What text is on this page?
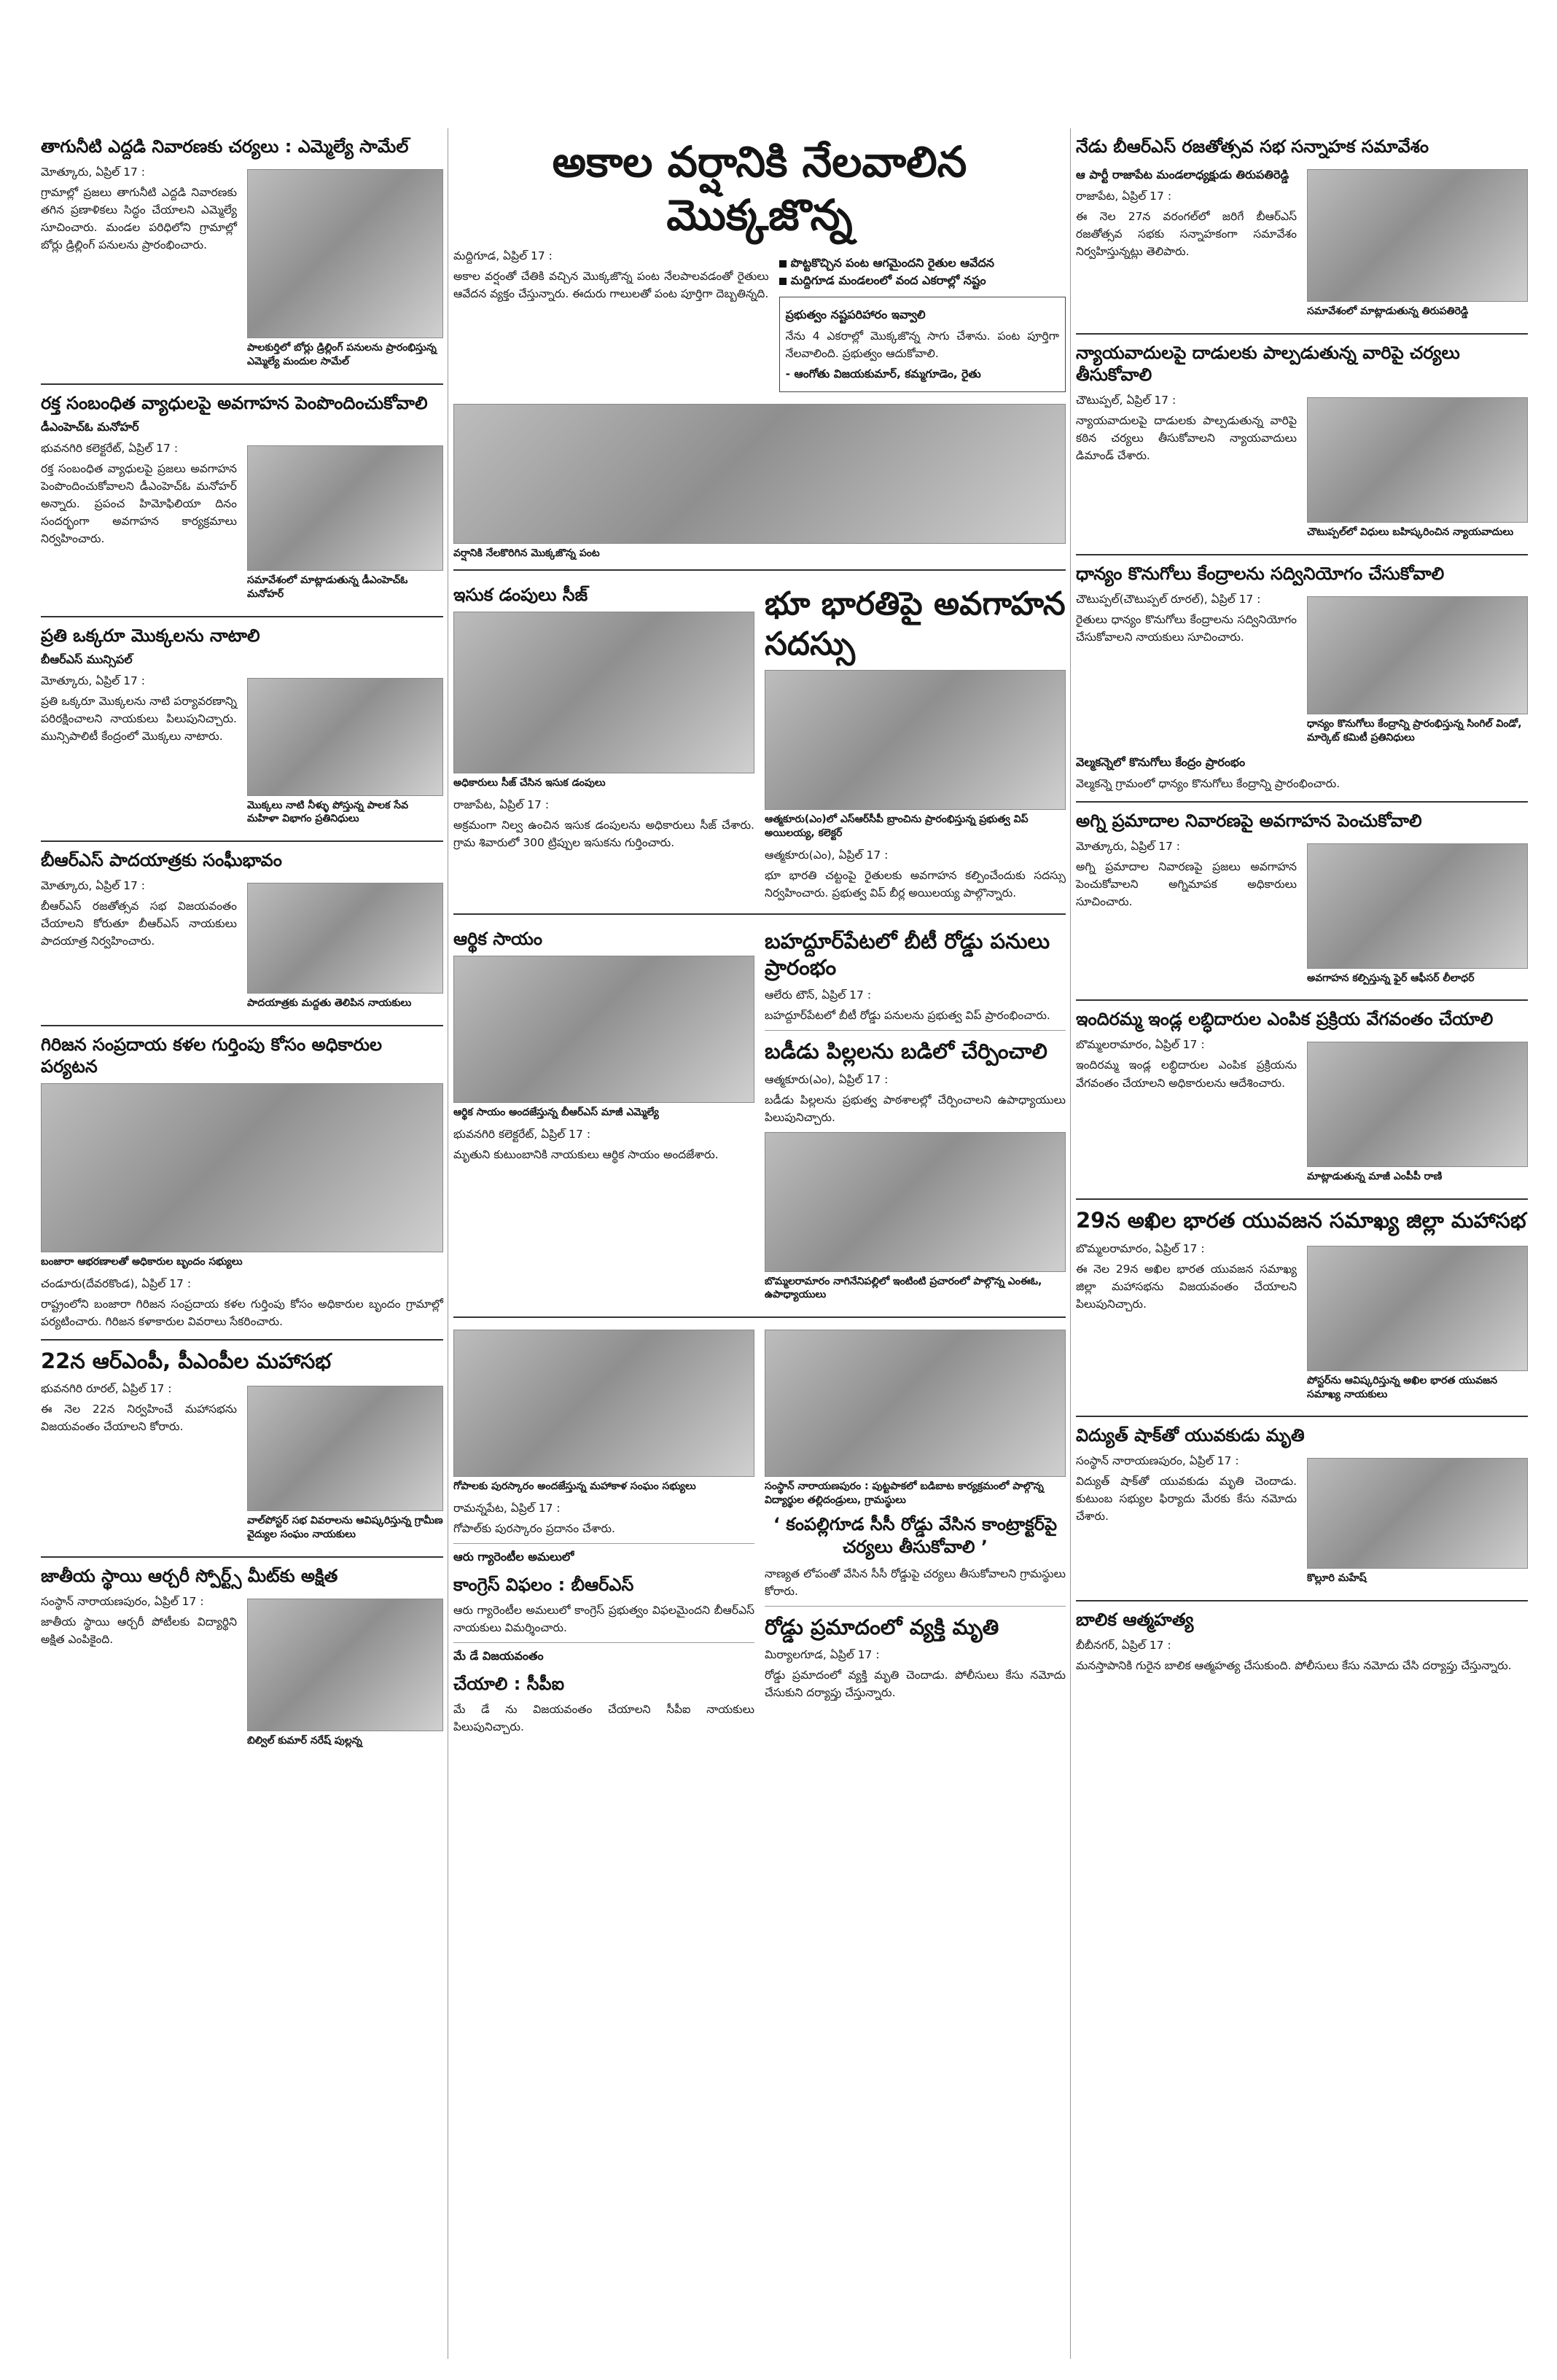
తాగునీటి ఎద్దడి నివారణకు చర్యలు : ఎమ్మెల్యే సామేల్

మోత్కూరు, ఏప్రిల్ 17 :

గ్రామాల్లో ప్రజలు తాగునీటి ఎద్దడి నివారణకు తగిన ప్రణాళికలు సిద్ధం చేయాలని ఎమ్మెల్యే సూచించారు. మండల పరిధిలోని గ్రామాల్లో బోర్లు డ్రిల్లింగ్ పనులను ప్రారంభించారు.

పాలకుర్తిలో బోర్లు డ్రిల్లింగ్ పనులను ప్రారంభిస్తున్న ఎమ్మెల్యే మందుల సామేల్
రక్త సంబంధిత వ్యాధులపై అవగాహన పెంపొందించుకోవాలి
డీఎంహెచ్ఓ మనోహర్

భువనగిరి కలెక్టరేట్, ఏప్రిల్ 17 :

రక్త సంబంధిత వ్యాధులపై ప్రజలు అవగాహన పెంపొందించుకోవాలని డీఎంహెచ్ఓ మనోహర్ అన్నారు. ప్రపంచ హిమోఫిలియా దినం సందర్భంగా అవగాహన కార్యక్రమాలు నిర్వహించారు.

సమావేశంలో మాట్లాడుతున్న డీఎంహెచ్ఓ మనోహర్
ప్రతి ఒక్కరూ మొక్కలను నాటాలి
బీఆర్ఎస్ మున్సిపల్

మోత్కూరు, ఏప్రిల్ 17 :

ప్రతి ఒక్కరూ మొక్కలను నాటి పర్యావరణాన్ని పరిరక్షించాలని నాయకులు పిలుపునిచ్చారు. మున్సిపాలిటీ కేంద్రంలో మొక్కలు నాటారు.

మొక్కలు నాటి నీళ్ళు పోస్తున్న పాలక సేవ మహిళా విభాగం ప్రతినిధులు
బీఆర్ఎస్ పాదయాత్రకు సంఘీభావం

మోత్కూరు, ఏప్రిల్ 17 :

బీఆర్ఎస్ రజతోత్సవ సభ విజయవంతం చేయాలని కోరుతూ బీఆర్ఎస్ నాయకులు పాదయాత్ర నిర్వహించారు.

పాదయాత్రకు మద్దతు తెలిపిన నాయకులు
గిరిజన సంప్రదాయ కళల గుర్తింపు కోసం అధికారుల పర్యటన
బంజారా ఆభరణాలతో అధికారుల బృందం సభ్యులు

చండూరు(దేవరకొండ), ఏప్రిల్ 17 :

రాష్ట్రంలోని బంజారా గిరిజన సంప్రదాయ కళల గుర్తింపు కోసం అధికారుల బృందం గ్రామాల్లో పర్యటించారు. గిరిజన కళాకారుల వివరాలు సేకరించారు.

22న ఆర్ఎంపీ, పీఎంపీల మహాసభ

భువనగిరి రూరల్, ఏప్రిల్ 17 :

ఈ నెల 22న నిర్వహించే మహాసభను విజయవంతం చేయాలని కోరారు.

వాల్‌పోస్టర్ సభ వివరాలను ఆవిష్కరిస్తున్న గ్రామీణ వైద్యుల సంఘం నాయకులు
జాతీయ స్థాయి ఆర్చరీ స్పోర్ట్స్ మీట్‌కు అక్షిత

సంస్థాన్ నారాయణపురం, ఏప్రిల్ 17 :

జాతీయ స్థాయి ఆర్చరీ పోటీలకు విద్యార్థిని అక్షిత ఎంపికైంది.

బిల్విల్ కుమార్ నరేష్ పుల్లన్న
అకాల వర్షానికి నేలవాలిన మొక్కజొన్న

మద్దిగూడ, ఏప్రిల్ 17 :

అకాల వర్షంతో చేతికి వచ్చిన మొక్కజొన్న పంట నేలపాలవడంతో రైతులు ఆవేదన వ్యక్తం చేస్తున్నారు. ఈదురు గాలులతో పంట పూర్తిగా దెబ్బతిన్నది.

పొట్టకొచ్చిన పంట ఆగమైందని రైతుల ఆవేదన
మద్దిగూడ మండలంలో వంద ఎకరాల్లో నష్టం
ప్రభుత్వం నష్టపరిహారం ఇవ్వాలి

నేను 4 ఎకరాల్లో మొక్కజొన్న సాగు చేశాను. పంట పూర్తిగా నేలవాలింది. ప్రభుత్వం ఆదుకోవాలి.

- ఆంగోతు విజయకుమార్, కమ్మగూడెం, రైతు

వర్షానికి నేలకొరిగిన మొక్కజొన్న పంట
ఇసుక డంపులు సీజ్
అధికారులు సీజ్ చేసిన ఇసుక డంపులు

రాజాపేట, ఏప్రిల్ 17 :

అక్రమంగా నిల్వ ఉంచిన ఇసుక డంపులను అధికారులు సీజ్ చేశారు. గ్రామ శివారులో 300 ట్రిప్పుల ఇసుకను గుర్తించారు.

భూ భారతిపై అవగాహన సదస్సు
ఆత్మకూరు(ఎం)లో ఎస్ఆర్‌సీపీ బ్రాంచిను ప్రారంభిస్తున్న ప్రభుత్వ విప్ అయిలయ్య, కలెక్టర్

ఆత్మకూరు(ఎం), ఏప్రిల్ 17 :

భూ భారతి చట్టంపై రైతులకు అవగాహన కల్పించేందుకు సదస్సు నిర్వహించారు. ప్రభుత్వ విప్ బీర్ల అయిలయ్య పాల్గొన్నారు.

ఆర్థిక సాయం
ఆర్థిక సాయం అందజేస్తున్న బీఆర్ఎస్ మాజీ ఎమ్మెల్యే

భువనగిరి కలెక్టరేట్, ఏప్రిల్ 17 :

మృతుని కుటుంబానికి నాయకులు ఆర్థిక సాయం అందజేశారు.

బహద్దూర్‌పేటలో బీటీ రోడ్డు పనులు ప్రారంభం

ఆలేరు టౌన్, ఏప్రిల్ 17 :

బహద్దూర్‌పేటలో బీటీ రోడ్డు పనులను ప్రభుత్వ విప్ ప్రారంభించారు.

బడీడు పిల్లలను బడిలో చేర్పించాలి

ఆత్మకూరు(ఎం), ఏప్రిల్ 17 :

బడీడు పిల్లలను ప్రభుత్వ పాఠశాలల్లో చేర్పించాలని ఉపాధ్యాయులు పిలుపునిచ్చారు.

బొమ్మలరామారం నాగినేనిపల్లిలో ఇంటింటి ప్రచారంలో పాల్గొన్న ఎంఈఓ, ఉపాధ్యాయులు
గోపాలకు పురస్కారం అందజేస్తున్న మహాకాళ సంఘం సభ్యులు

రామన్నపేట, ఏప్రిల్ 17 :

గోపాల్‌కు పురస్కారం ప్రదానం చేశారు.

ఆరు గ్యారెంటీల అమలులో
కాంగ్రెస్ విఫలం : బీఆర్ఎస్

ఆరు గ్యారెంటీల అమలులో కాంగ్రెస్ ప్రభుత్వం విఫలమైందని బీఆర్ఎస్ నాయకులు విమర్శించారు.

మే డే విజయవంతం
చేయాలి : సీపీఐ

మే డే ను విజయవంతం చేయాలని సీపీఐ నాయకులు పిలుపునిచ్చారు.

సంస్థాన్ నారాయణపురం : పుట్టపాకలో బడిబాట కార్యక్రమంలో పాల్గొన్న విద్యార్థుల తల్లిదండ్రులు, గ్రామస్థులు
‘ కంపల్లిగూడ సీసీ రోడ్డు వేసిన కాంట్రాక్టర్‌పై చర్యలు తీసుకోవాలి ’

నాణ్యత లోపంతో వేసిన సీసీ రోడ్డుపై చర్యలు తీసుకోవాలని గ్రామస్థులు కోరారు.

రోడ్డు ప్రమాదంలో వ్యక్తి మృతి

మిర్యాలగూడ, ఏప్రిల్ 17 :

రోడ్డు ప్రమాదంలో వ్యక్తి మృతి చెందాడు. పోలీసులు కేసు నమోదు చేసుకుని దర్యాప్తు చేస్తున్నారు.

నేడు బీఆర్ఎస్ రజతోత్సవ సభ సన్నాహక సమావేశం
ఆ పార్టీ రాజాపేట మండలాధ్యక్షుడు తిరుపతిరెడ్డి

రాజాపేట, ఏప్రిల్ 17 :

ఈ నెల 27న వరంగల్‌లో జరిగే బీఆర్ఎస్ రజతోత్సవ సభకు సన్నాహకంగా సమావేశం నిర్వహిస్తున్నట్లు తెలిపారు.

సమావేశంలో మాట్లాడుతున్న తిరుపతిరెడ్డి
న్యాయవాదులపై దాడులకు పాల్పడుతున్న వారిపై చర్యలు తీసుకోవాలి

చౌటుప్పల్, ఏప్రిల్ 17 :

న్యాయవాదులపై దాడులకు పాల్పడుతున్న వారిపై కఠిన చర్యలు తీసుకోవాలని న్యాయవాదులు డిమాండ్ చేశారు.

చౌటుప్పల్‌లో విధులు బహిష్కరించిన న్యాయవాదులు
ధాన్యం కొనుగోలు కేంద్రాలను సద్వినియోగం చేసుకోవాలి

చౌటుప్పల్(చౌటుప్పల్ రూరల్), ఏప్రిల్ 17 :

రైతులు ధాన్యం కొనుగోలు కేంద్రాలను సద్వినియోగం చేసుకోవాలని నాయకులు సూచించారు.

ధాన్యం కొనుగోలు కేంద్రాన్ని ప్రారంభిస్తున్న సింగిల్ విండో, మార్కెట్ కమిటీ ప్రతినిధులు
వెల్మకన్నెలో కొనుగోలు కేంద్రం ప్రారంభం

వెల్మకన్నె గ్రామంలో ధాన్యం కొనుగోలు కేంద్రాన్ని ప్రారంభించారు.

అగ్ని ప్రమాదాల నివారణపై అవగాహన పెంచుకోవాలి

మోత్కూరు, ఏప్రిల్ 17 :

అగ్ని ప్రమాదాల నివారణపై ప్రజలు అవగాహన పెంచుకోవాలని అగ్నిమాపక అధికారులు సూచించారు.

అవగాహన కల్పిస్తున్న ఫైర్ ఆఫీసర్ లీలాధర్
ఇందిరమ్మ ఇండ్ల లబ్ధిదారుల ఎంపిక ప్రక్రియ వేగవంతం చేయాలి

బొమ్మలరామారం, ఏప్రిల్ 17 :

ఇందిరమ్మ ఇండ్ల లబ్ధిదారుల ఎంపిక ప్రక్రియను వేగవంతం చేయాలని అధికారులను ఆదేశించారు.

మాట్లాడుతున్న మాజీ ఎంపీపీ రాణి
29న అఖిల భారత యువజన సమాఖ్య జిల్లా మహాసభ

బొమ్మలరామారం, ఏప్రిల్ 17 :

ఈ నెల 29న అఖిల భారత యువజన సమాఖ్య జిల్లా మహాసభను విజయవంతం చేయాలని పిలుపునిచ్చారు.

పోస్టర్‌ను ఆవిష్కరిస్తున్న అఖిల భారత యువజన సమాఖ్య నాయకులు
విద్యుత్ షాక్‌తో యువకుడు మృతి

సంస్థాన్ నారాయణపురం, ఏప్రిల్ 17 :

విద్యుత్ షాక్‌తో యువకుడు మృతి చెందాడు. కుటుంబ సభ్యుల ఫిర్యాదు మేరకు కేసు నమోదు చేశారు.

కొల్లూరి మహేష్
బాలిక ఆత్మహత్య

బీబీనగర్, ఏప్రిల్ 17 :

మనస్తాపానికి గురైన బాలిక ఆత్మహత్య చేసుకుంది. పోలీసులు కేసు నమోదు చేసి దర్యాప్తు చేస్తున్నారు.
